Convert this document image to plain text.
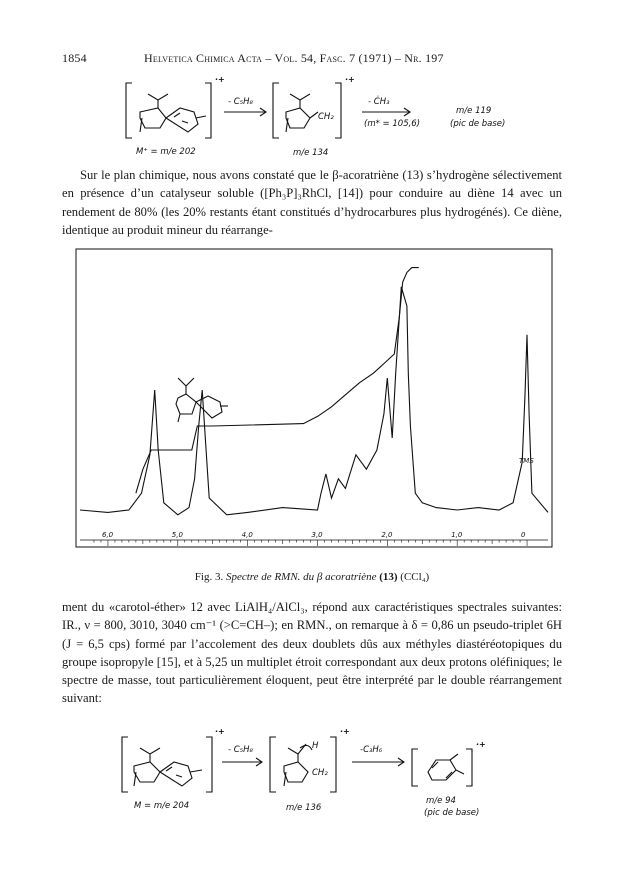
1854	Helvetica Chimica Acta – Vol. 54, Fasc. 7 (1971) – Nr. 197
·+
M⁺ = m/e 202
- C₅H₈
·+
CH₂
m/e 134
- ĊH₃
(m* = 105,6)
m/e 119
(pic de base)

Sur le plan chimique, nous avons constaté que le β-acoratriène (13) s’hydrogène sélectivement en présence d’un catalyseur soluble ([Ph₃P]₃RhCl, [14]) pour conduire au diène 14 avec un rendement de 80% (les 20% restants étant constitués d’hydrocarbures plus hydrogénés). Ce diène, identique au produit mineur du réarrange-

6,0	5,0	4,0	3,0	2,0	1,0	0
TMS
Fig. 3. Spectre de RMN. du β acoratriène (13) (CCl₄)

ment du «carotol-éther» 12 avec LiAlH₄/AlCl₃, répond aux caractéristiques spectrales suivantes: IR., ν = 800, 3010, 3040 cm⁻¹ (>C=CH–); en RMN., on remarque à δ = 0,86 un pseudo-triplet 6H (J = 6,5 cps) formé par l’accolement des deux doublets dûs aux méthyles diastéréotopiques du groupe isopropyle [15], et à 5,25 un multiplet étroit correspondant aux deux protons oléfiniques; le spectre de masse, tout particulièrement éloquent, peut être interprété par le double réarrangement suivant:

·+
M = m/e 204
- C₅H₈
·+
H
CH₂
m/e 136
-C₃H₆
·+
m/e 94
(pic de base)
